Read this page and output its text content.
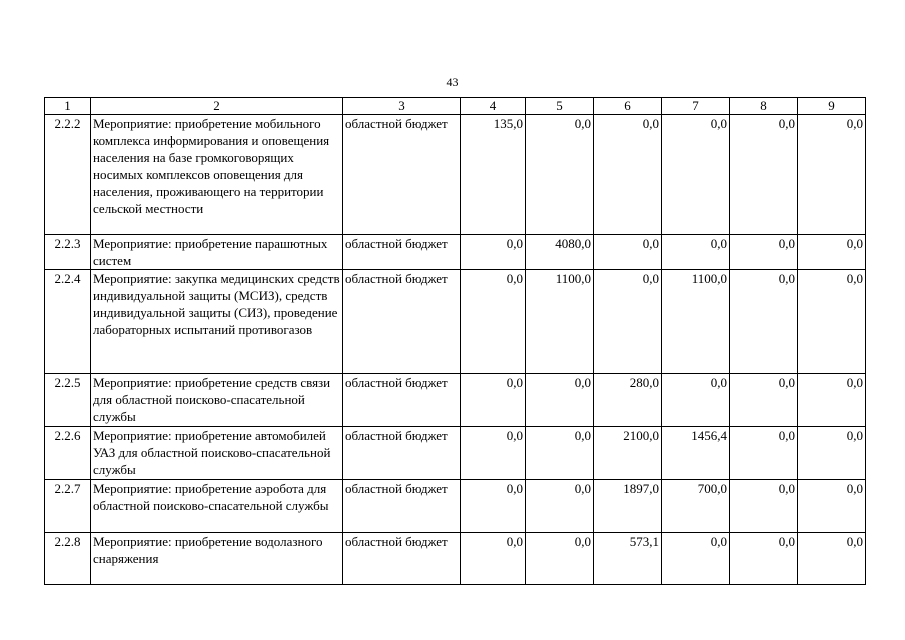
43
1	2	3	4	5	6	7	8	9
2.2.2	Мероприятие: приобретение мобильного комплекса информирования и оповещения населения на базе громкоговорящих носимых комплексов оповещения для населения, проживающего на территории сельской местности	областной бюджет	135,0	0,0	0,0	0,0	0,0	0,0
2.2.3	Мероприятие: приобретение парашютных систем	областной бюджет	0,0	4080,0	0,0	0,0	0,0	0,0
2.2.4	Мероприятие: закупка медицинских средств индивидуальной защиты (МСИЗ), средств индивидуальной защиты (СИЗ), проведение лабораторных испытаний противогазов	областной бюджет	0,0	1100,0	0,0	1100,0	0,0	0,0
2.2.5	Мероприятие: приобретение средств связи для областной поисково-спасательной службы	областной бюджет	0,0	0,0	280,0	0,0	0,0	0,0
2.2.6	Мероприятие: приобретение автомобилей УАЗ для областной поисково-спасательной службы	областной бюджет	0,0	0,0	2100,0	1456,4	0,0	0,0
2.2.7	Мероприятие: приобретение аэробота для областной поисково-спасательной службы	областной бюджет	0,0	0,0	1897,0	700,0	0,0	0,0
2.2.8	Мероприятие: приобретение водолазного снаряжения	областной бюджет	0,0	0,0	573,1	0,0	0,0	0,0
